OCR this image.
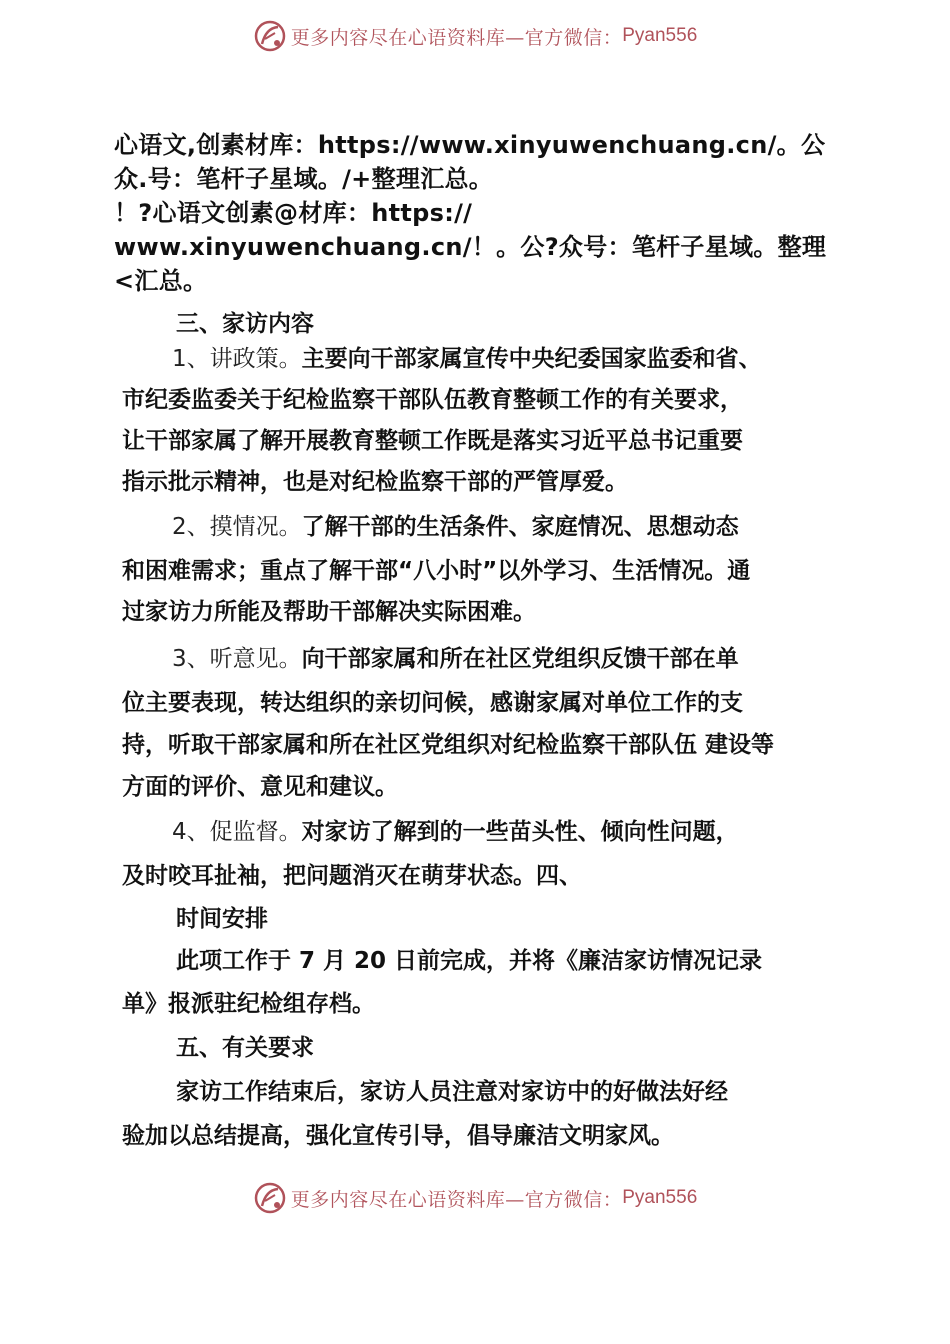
更多内容尽在心语资料库—官方微信： Pyan556

心语文,创素材库：https://www.xinyuwenchuang.cn/。公

众.号：笔杆子星域。/+整理汇总。

！?心语文创素@材库：https://

www.xinyuwenchuang.cn/！。公?众号：笔杆子星域。整理

<汇总。

三、家访内容

1、讲政策。主要向干部家属宣传中央纪委国家监委和省、

市纪委监委关于纪检监察干部队伍教育整顿工作的有关要求，

让干部家属了解开展教育整顿工作既是落实习近平总书记重要

指示批示精神，也是对纪检监察干部的严管厚爱。

2、摸情况。了解干部的生活条件、家庭情况、思想动态

和困难需求；重点了解干部“八小时”以外学习、生活情况。通

过家访力所能及帮助干部解决实际困难。

3、听意见。向干部家属和所在社区党组织反馈干部在单

位主要表现，转达组织的亲切问候，感谢家属对单位工作的支

持，听取干部家属和所在社区党组织对纪检监察干部队伍 建设等

方面的评价、意见和建议。

4、促监督。对家访了解到的一些苗头性、倾向性问题，

及时咬耳扯袖，把问题消灭在萌芽状态。四、

时间安排

此项工作于 7 月 20 日前完成，并将《廉洁家访情况记录

单》报派驻纪检组存档。

五、有关要求

家访工作结束后，家访人员注意对家访中的好做法好经

验加以总结提高，强化宣传引导，倡导廉洁文明家风。

更多内容尽在心语资料库—官方微信： Pyan556
